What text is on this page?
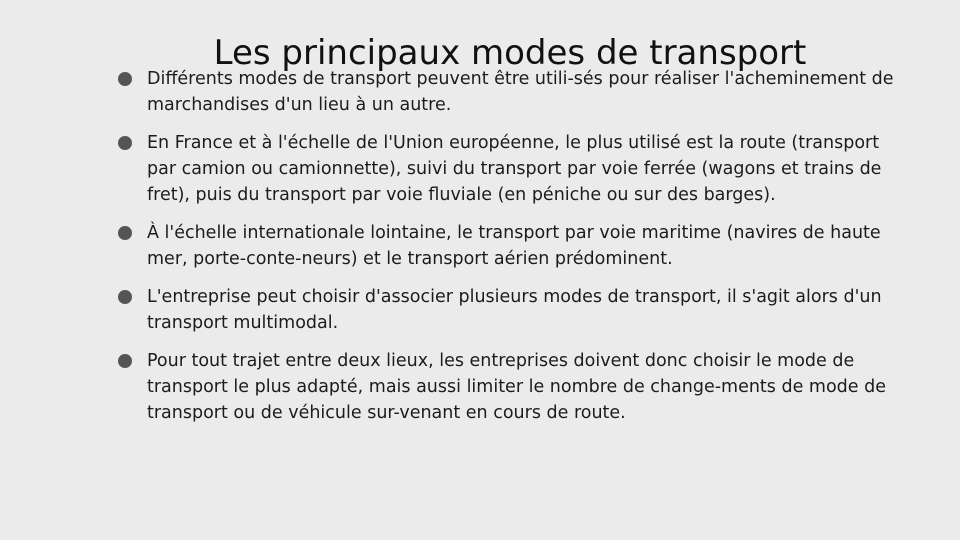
Différents modes de transport peuvent être utili-sés pour réaliser l'acheminement de marchandises d'un lieu à un autre.
En France et à l'échelle de l'Union européenne, le plus utilisé est la route (transport par camion ou camionnette), suivi du transport par voie ferrée (wagons et trains de fret), puis du transport par voie fluviale (en péniche ou sur des barges).
À l'échelle internationale lointaine, le transport par voie maritime (navires de haute mer, porte-conte-neurs) et le transport aérien prédominent.
L'entreprise peut choisir d'associer plusieurs modes de transport, il s'agit alors d'un transport multimodal.
Pour tout trajet entre deux lieux, les entreprises doivent donc choisir le mode de transport le plus adapté, mais aussi limiter le nombre de change-ments de mode de transport ou de véhicule sur-venant en cours de route.
Les principaux modes de transport
